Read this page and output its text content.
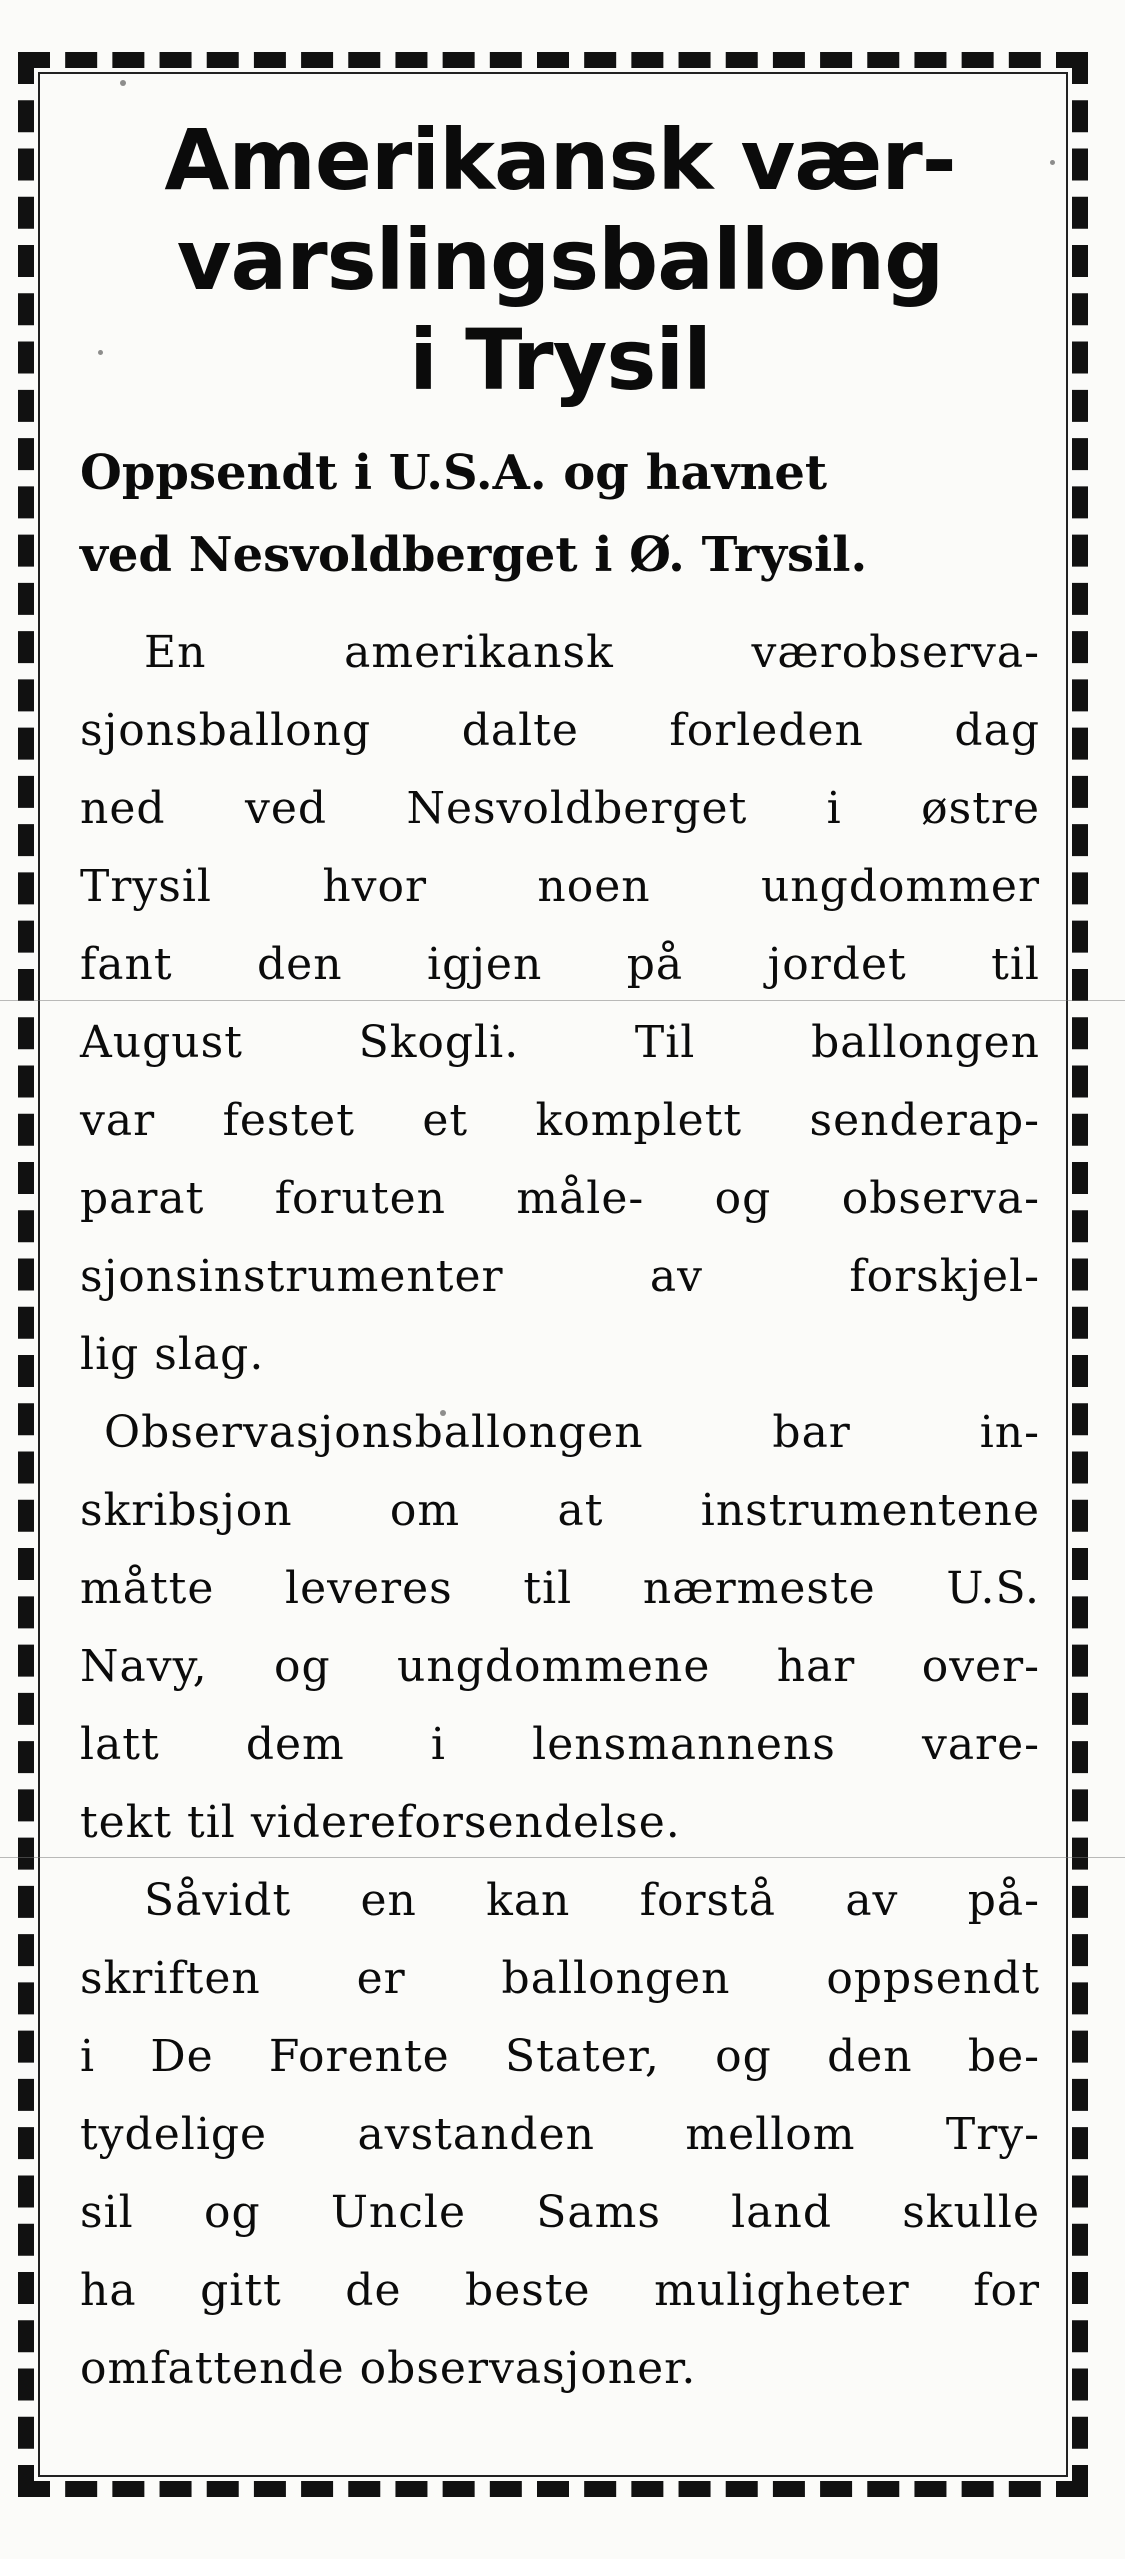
Amerikansk vær-
varslingsballong
i Trysil
Oppsendt i U.S.A. og havnet
ved Nesvoldberget i Ø. Trysil.
En amerikansk værobserva-
sjonsballong dalte forleden dag
ned ved Nesvoldberget i østre
Trysil hvor noen ungdommer
fant den igjen på jordet til
August Skogli. Til ballongen
var festet et komplett senderap-
parat foruten måle- og observa-
sjonsinstrumenter av forskjel-
lig slag.
Observasjonsballongen bar in-
skribsjon om at instrumentene
måtte leveres til nærmeste U.S.
Navy, og ungdommene har over-
latt dem i lensmannens vare-
tekt til videreforsendelse.
Såvidt en kan forstå av på-
skriften er ballongen oppsendt
i De Forente Stater, og den be-
tydelige avstanden mellom Try-
sil og Uncle Sams land skulle
ha gitt de beste muligheter for
omfattende observasjoner.
